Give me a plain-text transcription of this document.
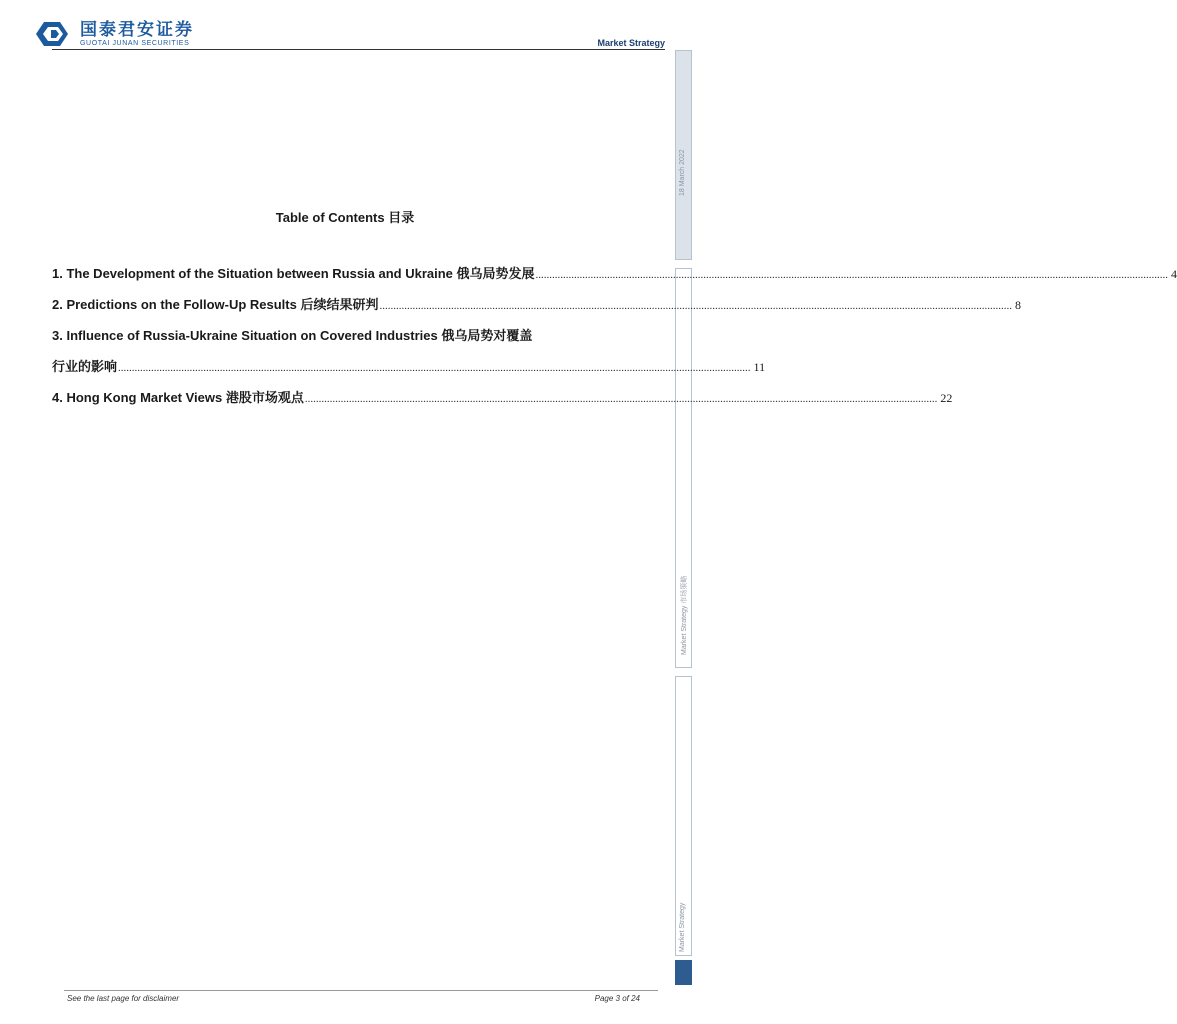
国泰君安证券
GUOTAI JUNAN SECURITIES	Market Strategy
18 March 2022
Market Strategy 市场策略
Market Strategy
Table of Contents 目录
1. The Development of the Situation between Russia and Ukraine 俄乌局势发展 ...................................................................................................................................................................................................................................... 4
2. Predictions on the Follow-Up Results 后续结果研判 ...................................................................................................................................................................................................................................... 8
3. Influence of Russia-Ukraine Situation on Covered Industries 俄乌局势对覆盖
行业的影响 ...................................................................................................................................................................................................................................... 11
4. Hong Kong Market Views 港股市场观点 ...................................................................................................................................................................................................................................... 22
See the last page for disclaimer	Page 3 of 24
